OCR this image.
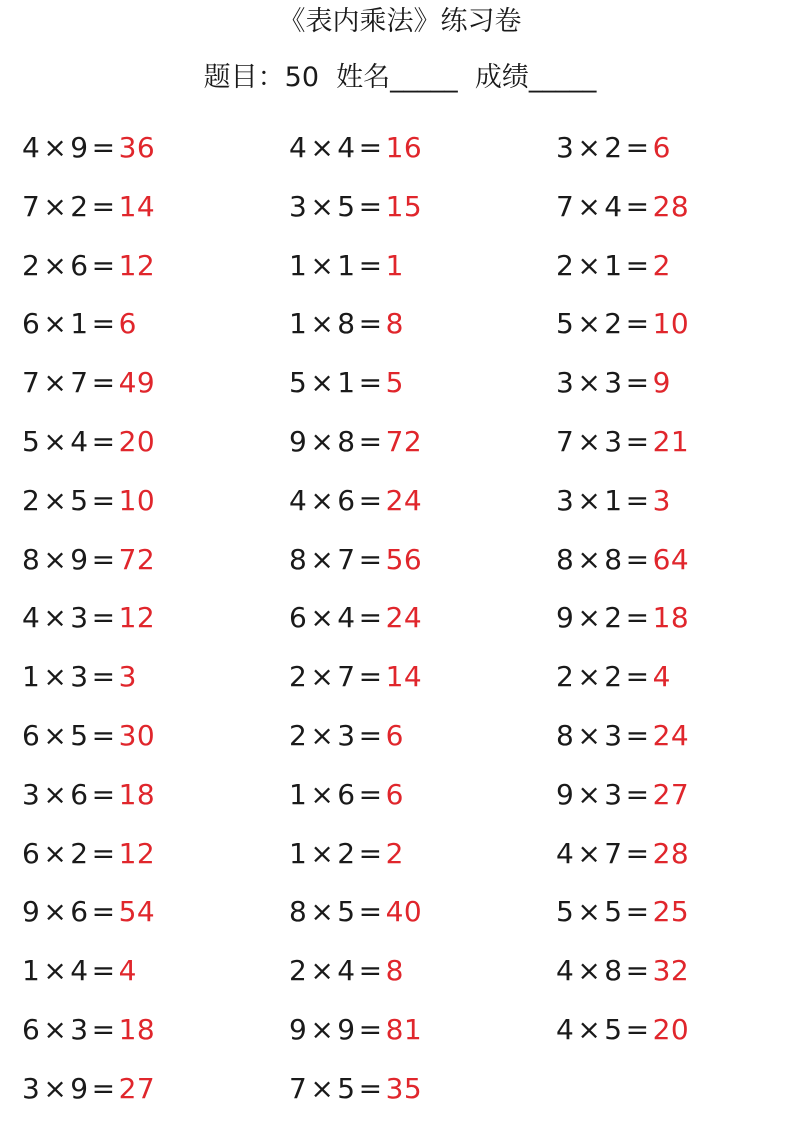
《表内乘法》练习卷
题目：50 姓名_____ 成绩_____
4 × 9 = 36	4 × 4 = 16	3 × 2 = 6
7 × 2 = 14	3 × 5 = 15	7 × 4 = 28
2 × 6 = 12	1 × 1 = 1	2 × 1 = 2
6 × 1 = 6	1 × 8 = 8	5 × 2 = 10
7 × 7 = 49	5 × 1 = 5	3 × 3 = 9
5 × 4 = 20	9 × 8 = 72	7 × 3 = 21
2 × 5 = 10	4 × 6 = 24	3 × 1 = 3
8 × 9 = 72	8 × 7 = 56	8 × 8 = 64
4 × 3 = 12	6 × 4 = 24	9 × 2 = 18
1 × 3 = 3	2 × 7 = 14	2 × 2 = 4
6 × 5 = 30	2 × 3 = 6	8 × 3 = 24
3 × 6 = 18	1 × 6 = 6	9 × 3 = 27
6 × 2 = 12	1 × 2 = 2	4 × 7 = 28
9 × 6 = 54	8 × 5 = 40	5 × 5 = 25
1 × 4 = 4	2 × 4 = 8	4 × 8 = 32
6 × 3 = 18	9 × 9 = 81	4 × 5 = 20
3 × 9 = 27	7 × 5 = 35
